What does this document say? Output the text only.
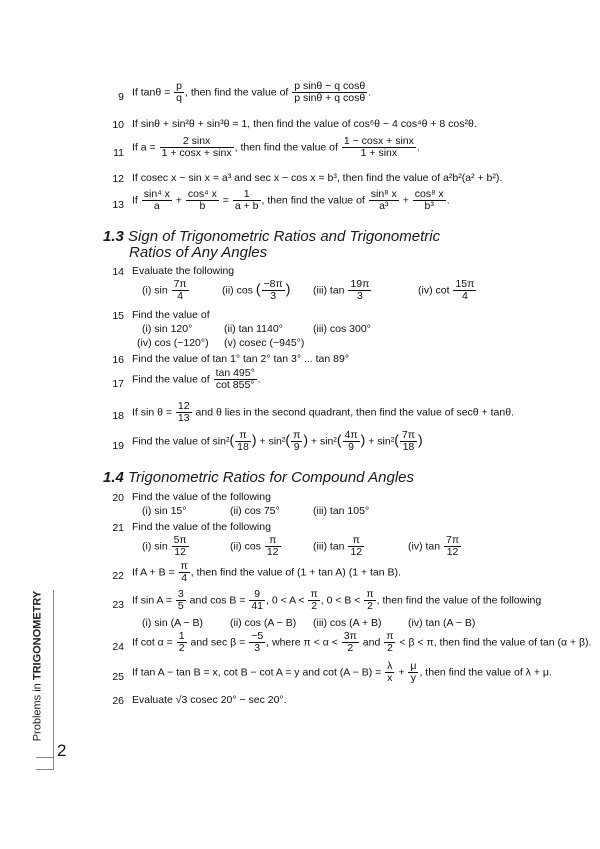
9 If $\tan\theta = \frac{p}{q}$ , then find the value of $\frac{\text{p sinθ − q cosθ}}{\text{p sinθ + q cosθ}}$ .
10 If sinθ + sin²θ + sin³θ = 1, then find the value of cos⁶θ − 4 cos⁴θ + 8 cos²θ.
11 If $a = \frac{2 \sin x}{1 + \cos x + \sin x}$ , then find the value of $\frac{1 - \cos x + \sin x}{1 + \sin x}$ .
12 If cosec x − sin x = a³ and sec x − cos x = b³, then find the value of a²b²(a² + b²).
13 If $\frac{\text{sin⁴ x}}{a} + \frac{\text{cos⁴ x}}{b} = \frac{1}{a + b}$ , then find the value of $\frac{\text{sin⁸ x}}{\text{a³}} + \frac{\text{cos⁸ x}}{\text{b³}}$ .
1.3 Sign of Trigonometric Ratios and Trigonometric
Ratios of Any Angles
14 Evaluate the following
(i) $\sin \frac{7\pi}{4}$	(ii) cos ( $\frac{-8\pi}{3}$ ) (iii) $\tan \frac{19\pi}{3}$	(iv) $\cot \frac{15\pi}{4}$
15 Find the value of
(i) sin 120°	(ii) tan 1140°	(iii) cos 300°
(iv) cos (−120°) (v) cosec (−945°)
16 Find the value of tan 1° tan 2° tan 3° ... tan 89°
17 Find the value of $\frac{\tan 495^\circ}{\cot 855^\circ}$ .
18 If $\sin \theta = \frac{12}{13}$ and θ lies in the second quadrant, then find the value of secθ + tanθ.
19 Find the value of $\sin^2( \frac{\pi}{18}$ ) + $\sin^2( \frac{\pi}{9}$ ) + $\sin^2( \frac{4\pi}{9}$ ) + $\sin^2( \frac{7\pi}{18}$ )
1.4 Trigonometric Ratios for Compound Angles
20 Find the value of the following
(i) sin 15°	(ii) cos 75°	(iii) tan 105°
21 Find the value of the following
(i) $\sin \frac{5\pi}{12}$	(ii) $\cos \frac{\pi}{12}$	(iii) $\tan \frac{\pi}{12}$	(iv) $\tan \frac{7\pi}{12}$
22 If $A + B = \frac{\pi}{4}$ , then find the value of (1 + tan A) (1 + tan B).
23 If $\sin A = \frac{3}{5}$ and $\cos B = \frac{9}{41}$ , $0 < A < \frac{\pi}{2}$ , $0 < B < \frac{\pi}{2}$ , then find the value of the following
(i) sin (A − B)	(ii) cos (A − B) (iii) cos (A + B)	(iv) tan (A − B)
24 If $\cot \alpha = \frac{1}{2}$ and $\sec \beta = \frac{-5}{3}$ , where $\pi < \alpha < \frac{3\pi}{2}$ and $\frac{\pi}{2} < \beta < \pi$, then find the value of tan (α + β).
25 If tan A − tan B = x, cot B − cot A = y and $\cot (A - B) = \frac{\lambda}{x} + \frac{\mu}{y}$ , then find the value of λ + μ.
26 Evaluate √3 cosec 20° − sec 20°.
Problems in TRIGONOMETRY
2
